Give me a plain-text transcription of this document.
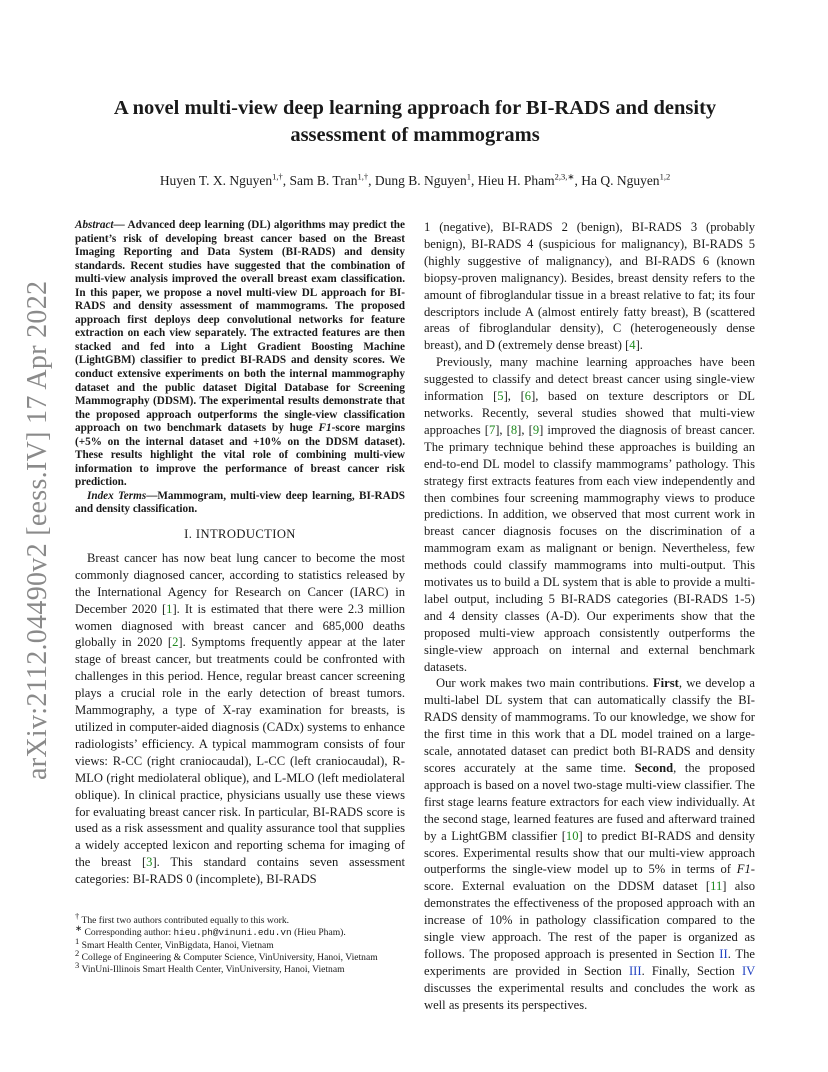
arXiv:2112.04490v2 [eess.IV] 17 Apr 2022
A novel multi-view deep learning approach for BI-RADS and density assessment of mammograms
Huyen T. X. Nguyen$^{1,\dagger}$, Sam B. Tran$^{1,\dagger}$, Dung B. Nguyen$^1$, Hieu H. Pham$^{2,3,∗}$, Ha Q. Nguyen$^{1,2}$

Abstract— Advanced deep learning (DL) algorithms may predict the patient’s risk of developing breast cancer based on the Breast Imaging Reporting and Data System (BI-RADS) and density standards. Recent studies have suggested that the combination of multi-view analysis improved the overall breast exam classification. In this paper, we propose a novel multi-view DL approach for BI-RADS and density assessment of mammograms. The proposed approach first deploys deep convolutional networks for feature extraction on each view separately. The extracted features are then stacked and fed into a Light Gradient Boosting Machine (LightGBM) classifier to predict BI-RADS and density scores. We conduct extensive experiments on both the internal mammography dataset and the public dataset Digital Database for Screening Mammography (DDSM). The experimental results demonstrate that the proposed approach outperforms the single-view classification approach on two benchmark datasets by huge F1-score margins (+5% on the internal dataset and +10% on the DDSM dataset). These results highlight the vital role of combining multi-view information to improve the performance of breast cancer risk prediction.

Index Terms—Mammogram, multi-view deep learning, BI-RADS and density classification.

I. INTRODUCTION

Breast cancer has now beat lung cancer to become the most commonly diagnosed cancer, according to statistics released by the International Agency for Research on Cancer (IARC) in December 2020 [1]. It is estimated that there were 2.3 million women diagnosed with breast cancer and 685,000 deaths globally in 2020 [2]. Symptoms frequently appear at the later stage of breast cancer, but treatments could be confronted with challenges in this period. Hence, regular breast cancer screening plays a crucial role in the early detection of breast tumors. Mammography, a type of X-ray examination for breasts, is utilized in computer-aided diagnosis (CADx) systems to enhance radiologists’ efficiency. A typical mammogram consists of four views: R-CC (right craniocaudal), L-CC (left craniocaudal), R-MLO (right mediolateral oblique), and L-MLO (left mediolateral oblique). In clinical practice, physicians usually use these views for evaluating breast cancer risk. In particular, BI-RADS score is used as a risk assessment and quality assurance tool that supplies a widely accepted lexicon and reporting schema for imaging of the breast [3]. This standard contains seven assessment categories: BI-RADS 0 (incomplete), BI-RADS

† The first two authors contributed equally to this work.

∗ Corresponding author: hieu.ph@vinuni.edu.vn (Hieu Pham).

$^1$ Smart Health Center, VinBigdata, Hanoi, Vietnam

$^2$ College of Engineering & Computer Science, VinUniversity, Hanoi, Vietnam

$^3$ VinUni-Illinois Smart Health Center, VinUniversity, Hanoi, Vietnam

1 (negative), BI-RADS 2 (benign), BI-RADS 3 (probably benign), BI-RADS 4 (suspicious for malignancy), BI-RADS 5 (highly suggestive of malignancy), and BI-RADS 6 (known biopsy-proven malignancy). Besides, breast density refers to the amount of fibroglandular tissue in a breast relative to fat; its four descriptors include A (almost entirely fatty breast), B (scattered areas of fibroglandular density), C (heterogeneously dense breast), and D (extremely dense breast) [4].

Previously, many machine learning approaches have been suggested to classify and detect breast cancer using single-view information [5], [6], based on texture descriptors or DL networks. Recently, several studies showed that multi-view approaches [7], [8], [9] improved the diagnosis of breast cancer. The primary technique behind these approaches is building an end-to-end DL model to classify mammograms’ pathology. This strategy first extracts features from each view independently and then combines four screening mammography views to produce predictions. In addition, we observed that most current work in breast cancer diagnosis focuses on the discrimination of a mammogram exam as malignant or benign. Nevertheless, few methods could classify mammograms into multi-output. This motivates us to build a DL system that is able to provide a multi-label output, including 5 BI-RADS categories (BI-RADS 1-5) and 4 density classes (A-D). Our experiments show that the proposed multi-view approach consistently outperforms the single-view approach on internal and external benchmark datasets.

Our work makes two main contributions. First, we develop a multi-label DL system that can automatically classify the BI-RADS density of mammograms. To our knowledge, we show for the first time in this work that a DL model trained on a large-scale, annotated dataset can predict both BI-RADS and density scores accurately at the same time. Second, the proposed approach is based on a novel two-stage multi-view classifier. The first stage learns feature extractors for each view individually. At the second stage, learned features are fused and afterward trained by a LightGBM classifier [10] to predict BI-RADS and density scores. Experimental results show that our multi-view approach outperforms the single-view model up to 5% in terms of F1-score. External evaluation on the DDSM dataset [11] also demonstrates the effectiveness of the proposed approach with an increase of 10% in pathology classification compared to the single view approach. The rest of the paper is organized as follows. The proposed approach is presented in Section II. The experiments are provided in Section III. Finally, Section IV discusses the experimental results and concludes the work as well as presents its perspectives.
